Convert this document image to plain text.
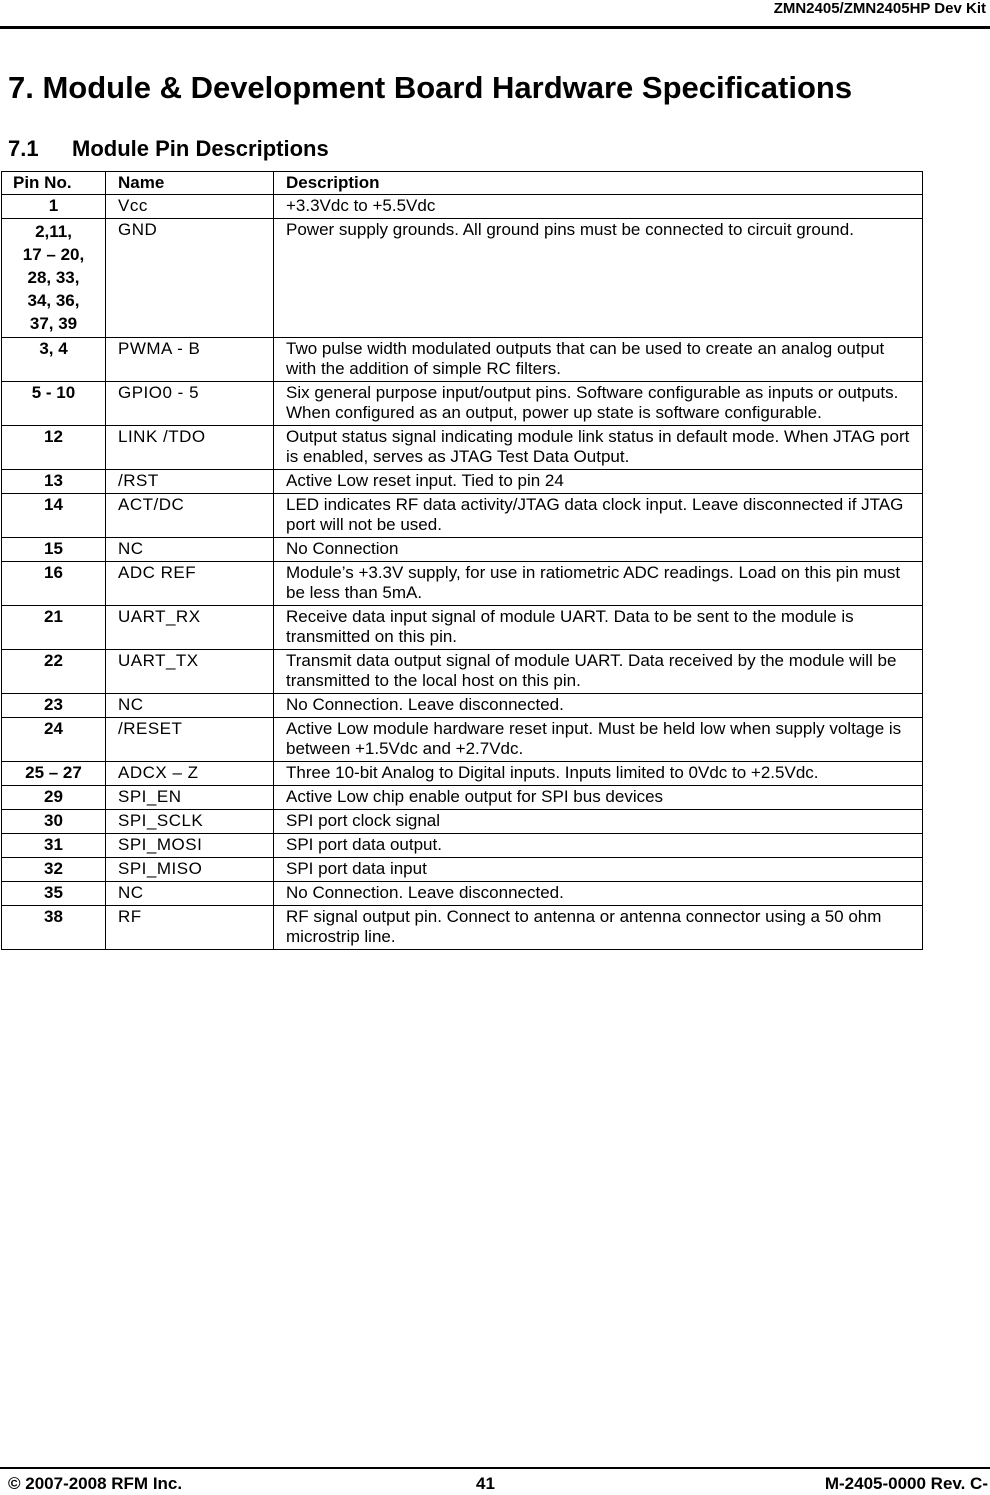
ZMN2405/ZMN2405HP Dev Kit
7. Module & Development Board Hardware Specifications
7.1 Module Pin Descriptions
Pin No.	Name	Description
1	Vcc	+3.3Vdc to +5.5Vdc
2,11,
17 – 20,
28, 33,
34, 36,
37, 39	GND	Power supply grounds. All ground pins must be connected to circuit ground.
3, 4	PWMA - B	Two pulse width modulated outputs that can be used to create an analog output with the addition of simple RC filters.
5 - 10	GPIO0 - 5	Six general purpose input/output pins. Software configurable as inputs or outputs. When configured as an output, power up state is software configurable.
12	LINK /TDO	Output status signal indicating module link status in default mode. When JTAG port is enabled, serves as JTAG Test Data Output.
13	/RST	Active Low reset input. Tied to pin 24
14	ACT/DC	LED indicates RF data activity/JTAG data clock input. Leave disconnected if JTAG port will not be used.
15	NC	No Connection
16	ADC REF	Module’s +3.3V supply, for use in ratiometric ADC readings. Load on this pin must be less than 5mA.
21	UART_RX	Receive data input signal of module UART. Data to be sent to the module is transmitted on this pin.
22	UART_TX	Transmit data output signal of module UART. Data received by the module will be transmitted to the local host on this pin.
23	NC	No Connection. Leave disconnected.
24	/RESET	Active Low module hardware reset input. Must be held low when supply voltage is between +1.5Vdc and +2.7Vdc.
25 – 27	ADCX – Z	Three 10-bit Analog to Digital inputs. Inputs limited to 0Vdc to +2.5Vdc.
29	SPI_EN	Active Low chip enable output for SPI bus devices
30	SPI_SCLK	SPI port clock signal
31	SPI_MOSI	SPI port data output.
32	SPI_MISO	SPI port data input
35	NC	No Connection. Leave disconnected.
38	RF	RF signal output pin. Connect to antenna or antenna connector using a 50 ohm microstrip line.
© 2007-2008 RFM Inc.	41	M-2405-0000 Rev. C-
